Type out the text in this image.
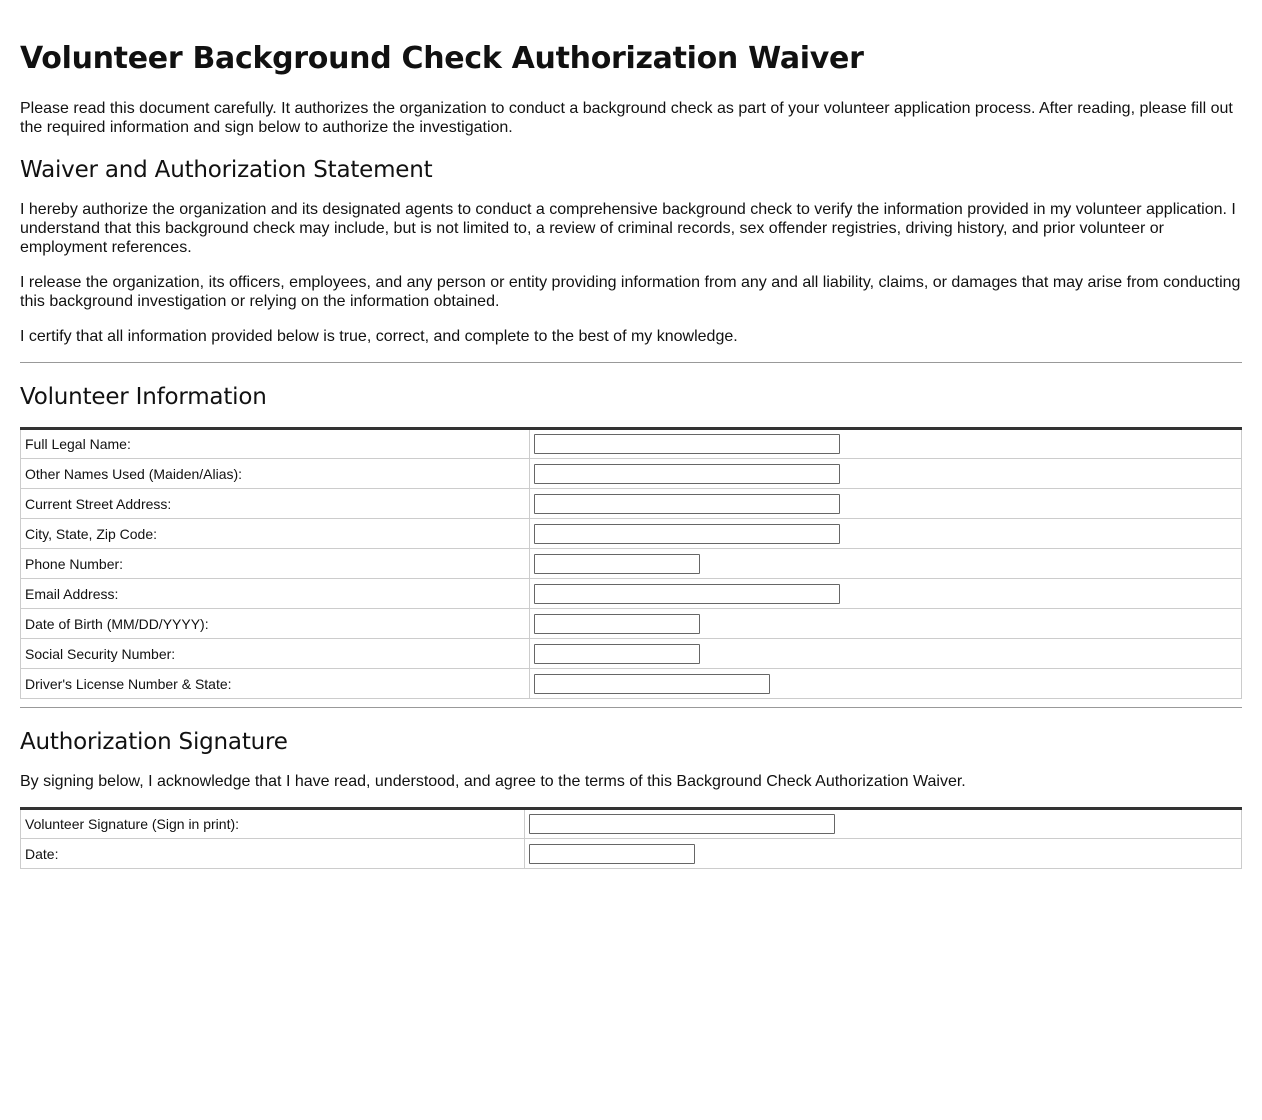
Volunteer Background Check Authorization Waiver

Please read this document carefully. It authorizes the organization to conduct a background check as part of your volunteer application process. After reading, please fill out the required information and sign below to authorize the investigation.

Waiver and Authorization Statement

I hereby authorize the organization and its designated agents to conduct a comprehensive background check to verify the information provided in my volunteer application. I understand that this background check may include, but is not limited to, a review of criminal records, sex offender registries, driving history, and prior volunteer or employment references.

I release the organization, its officers, employees, and any person or entity providing information from any and all liability, claims, or damages that may arise from conducting this background investigation or relying on the information obtained.

I certify that all information provided below is true, correct, and complete to the best of my knowledge.

Volunteer Information
Full Legal Name:	

Other Names Used (Maiden/Alias):	

Current Street Address:	

City, State, Zip Code:	

Phone Number:	

Email Address:	

Date of Birth (MM/DD/YYYY):	

Social Security Number:	

Driver's License Number & State:	
Authorization Signature

By signing below, I acknowledge that I have read, understood, and agree to the terms of this Background Check Authorization Waiver.

Volunteer Signature (Sign in print):	

Date:	
